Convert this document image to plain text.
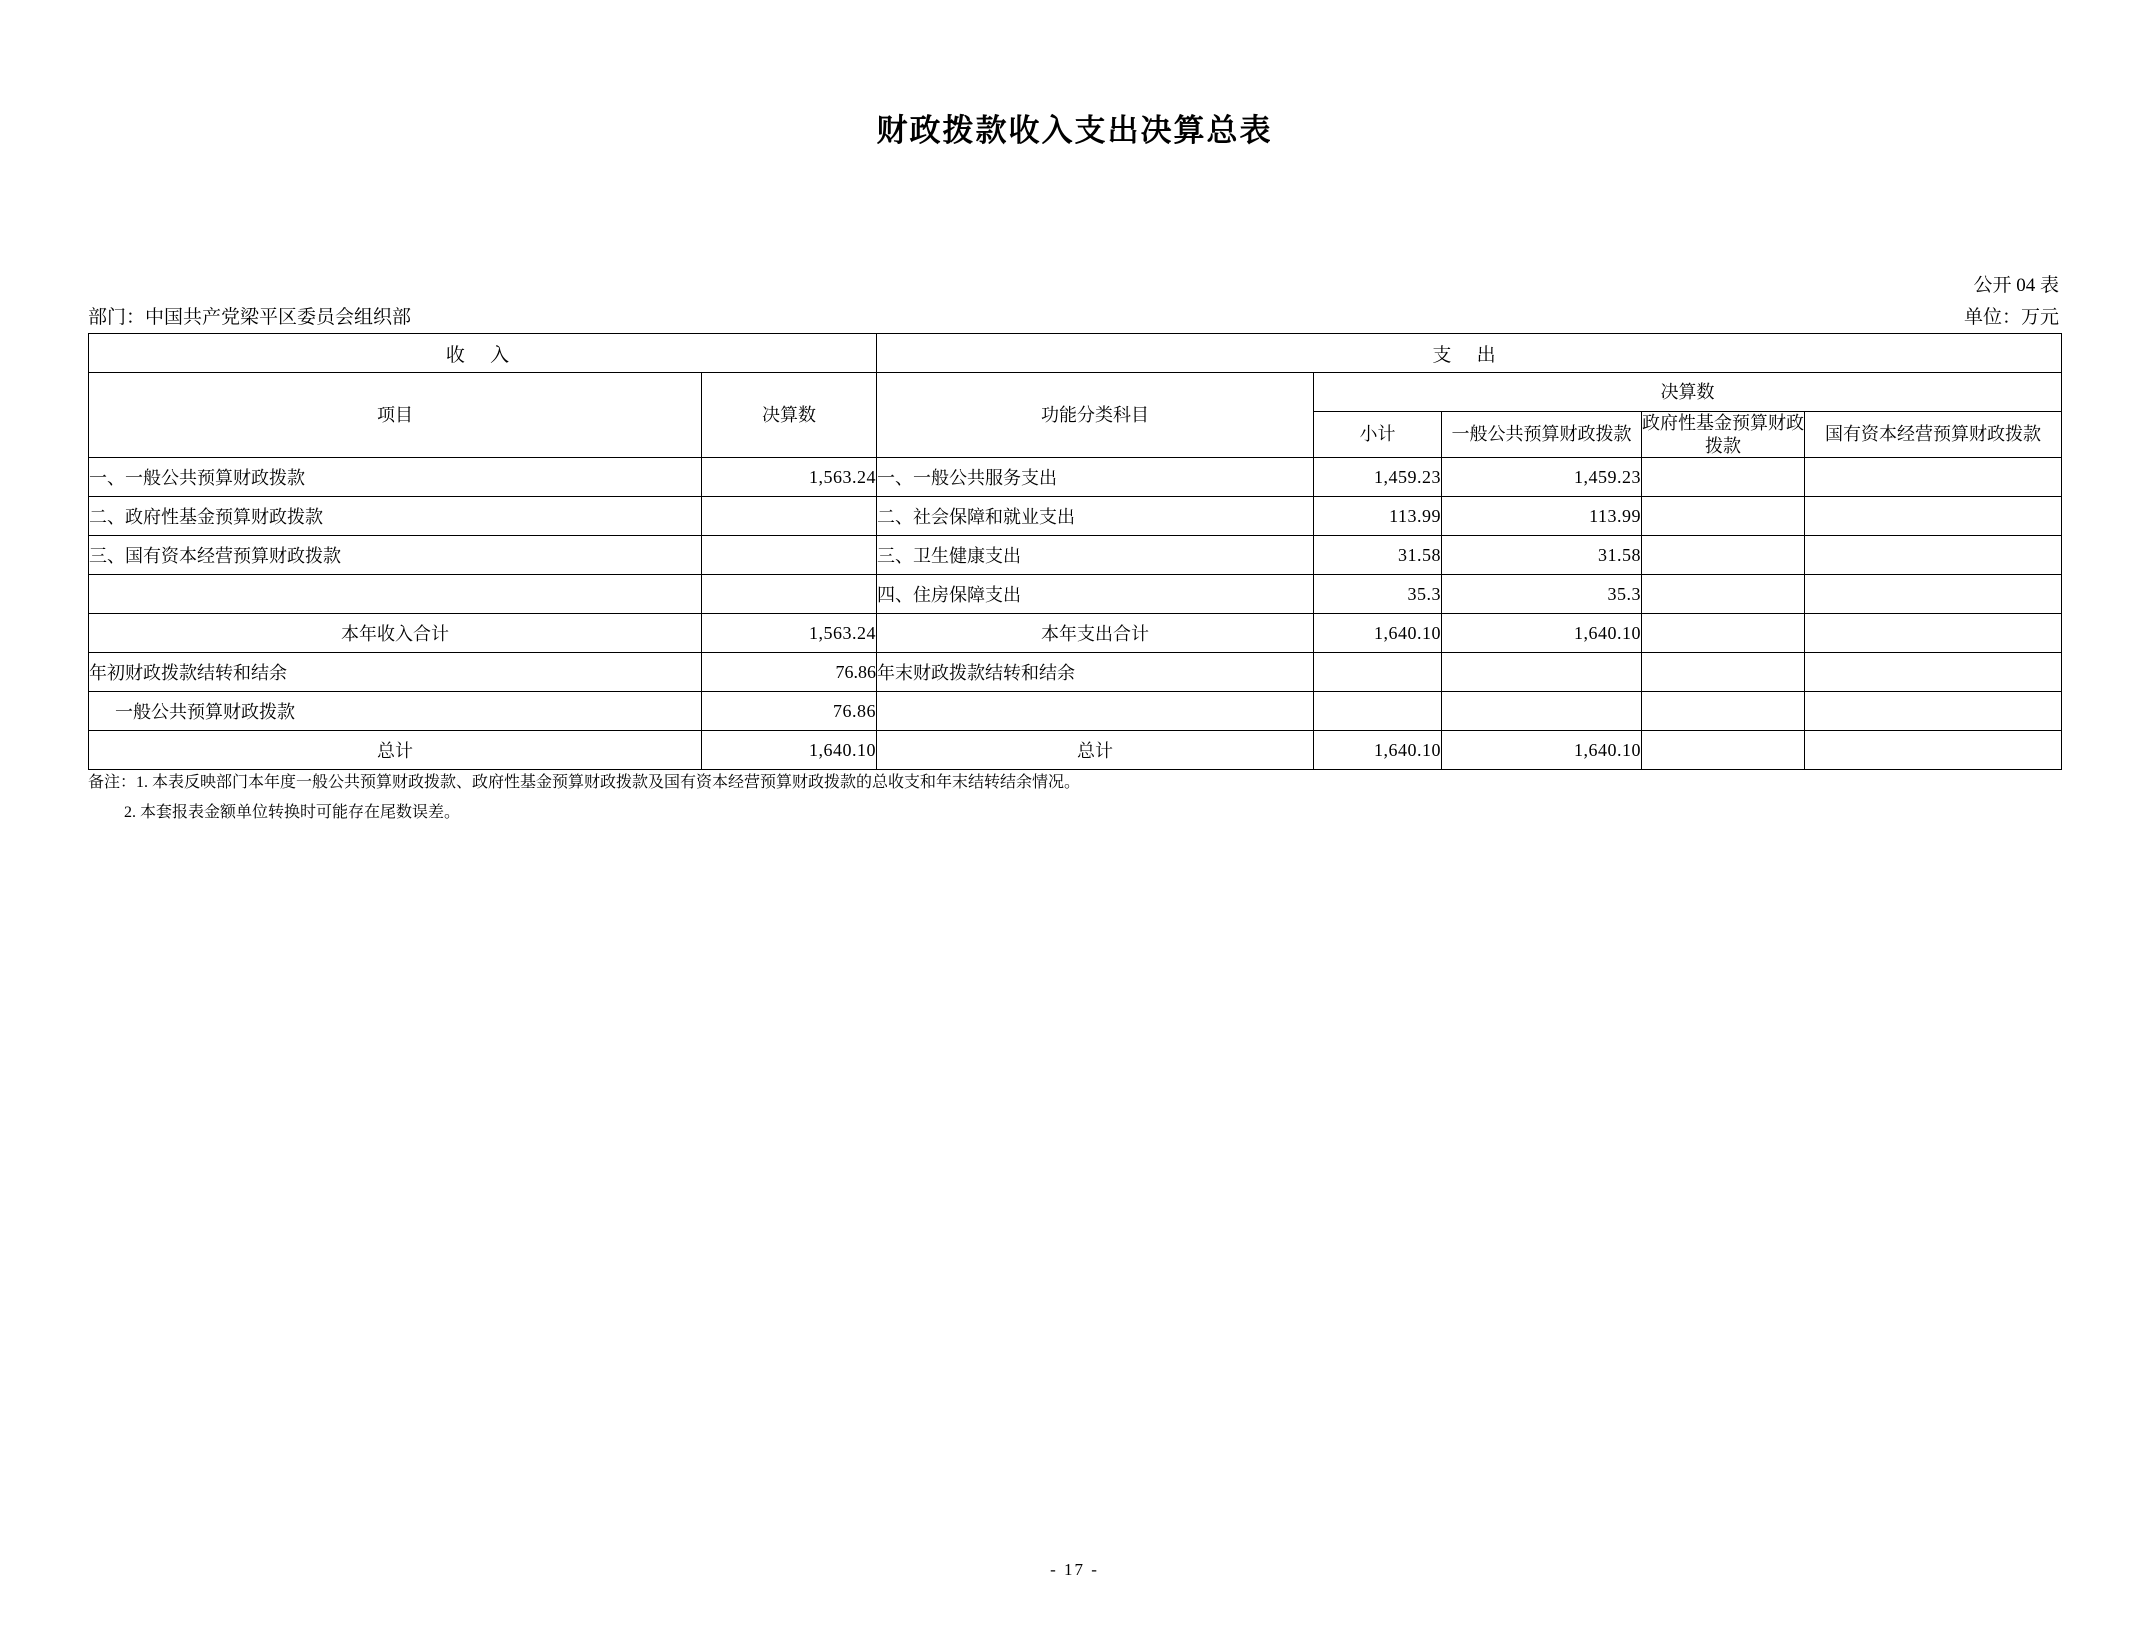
财政拨款收入支出决算总表
公开 04 表
部门：中国共产党梁平区委员会组织部	单位：万元
收 入		支 出				
项目	决算数	功能分类科目	决算数			
			小计	一般公共预算财政拨款	政府性基金预算财政拨款	国有资本经营预算财政拨款
一、一般公共预算财政拨款	1,563.24	一、一般公共服务支出	1,459.23	1,459.23		
二、政府性基金预算财政拨款		二、社会保障和就业支出	113.99	113.99		
三、国有资本经营预算财政拨款		三、卫生健康支出	31.58	31.58		
		四、住房保障支出	35.3	35.3		
本年收入合计	1,563.24	本年支出合计	1,640.10	1,640.10		
年初财政拨款结转和结余	76.86	年末财政拨款结转和结余				
一般公共预算财政拨款	76.86					
总计	1,640.10	总计	1,640.10	1,640.10		
备注：1. 本表反映部门本年度一般公共预算财政拨款、政府性基金预算财政拨款及国有资本经营预算财政拨款的总收支和年末结转结余情况。
2. 本套报表金额单位转换时可能存在尾数误差。
- 17 -
